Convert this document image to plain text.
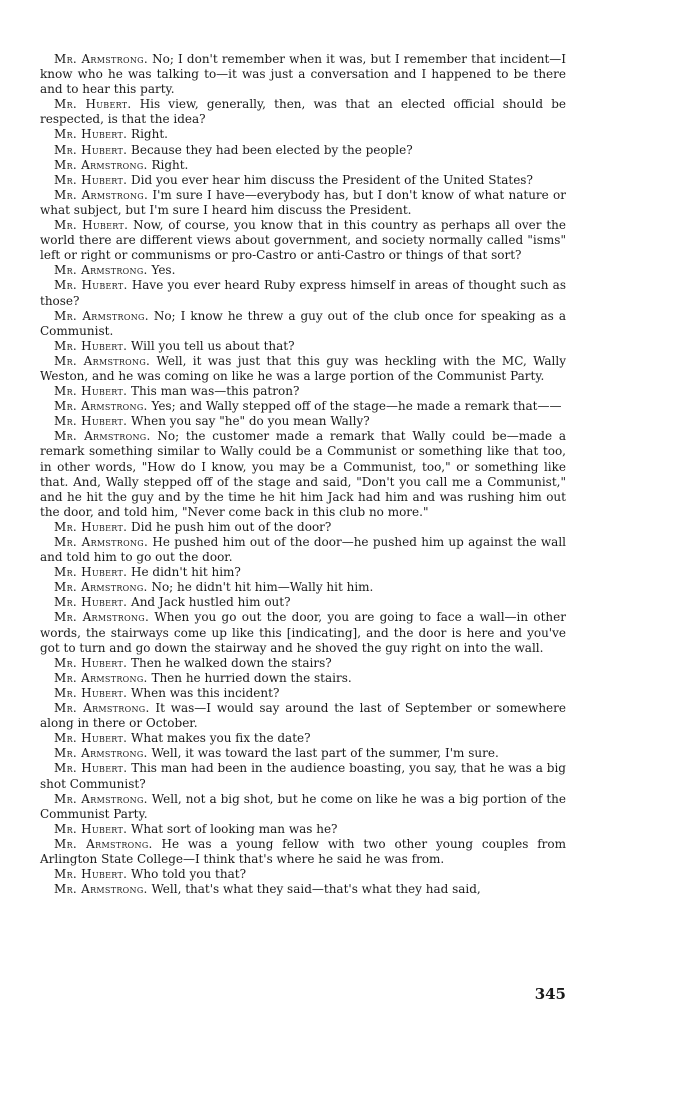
Mr. Armstrong. No; I don't remember when it was, but I remember that incident—I know who he was talking to—it was just a conversation and I happened to be there and to hear this party.

Mr. Hubert. His view, generally, then, was that an elected official should be respected, is that the idea?

Mr. Hubert. Right.

Mr. Hubert. Because they had been elected by the people?

Mr. Armstrong. Right.

Mr. Hubert. Did you ever hear him discuss the President of the United States?

Mr. Armstrong. I'm sure I have—everybody has, but I don't know of what nature or what subject, but I'm sure I heard him discuss the President.

Mr. Hubert. Now, of course, you know that in this country as perhaps all over the world there are different views about government, and society normally called "isms" left or right or communisms or pro-Castro or anti-Castro or things of that sort?

Mr. Armstrong. Yes.

Mr. Hubert. Have you ever heard Ruby express himself in areas of thought such as those?

Mr. Armstrong. No; I know he threw a guy out of the club once for speaking as a Communist.

Mr. Hubert. Will you tell us about that?

Mr. Armstrong. Well, it was just that this guy was heckling with the MC, Wally Weston, and he was coming on like he was a large portion of the Communist Party.

Mr. Hubert. This man was—this patron?

Mr. Armstrong. Yes; and Wally stepped off of the stage—he made a remark that——

Mr. Hubert. When you say "he" do you mean Wally?

Mr. Armstrong. No; the customer made a remark that Wally could be—made a remark something similar to Wally could be a Communist or something like that too, in other words, "How do I know, you may be a Communist, too," or something like that. And, Wally stepped off of the stage and said, "Don't you call me a Communist," and he hit the guy and by the time he hit him Jack had him and was rushing him out the door, and told him, "Never come back in this club no more."

Mr. Hubert. Did he push him out of the door?

Mr. Armstrong. He pushed him out of the door—he pushed him up against the wall and told him to go out the door.

Mr. Hubert. He didn't hit him?

Mr. Armstrong. No; he didn't hit him—Wally hit him.

Mr. Hubert. And Jack hustled him out?

Mr. Armstrong. When you go out the door, you are going to face a wall—in other words, the stairways come up like this [indicating], and the door is here and you've got to turn and go down the stairway and he shoved the guy right on into the wall.

Mr. Hubert. Then he walked down the stairs?

Mr. Armstrong. Then he hurried down the stairs.

Mr. Hubert. When was this incident?

Mr. Armstrong. It was—I would say around the last of September or somewhere along in there or October.

Mr. Hubert. What makes you fix the date?

Mr. Armstrong. Well, it was toward the last part of the summer, I'm sure.

Mr. Hubert. This man had been in the audience boasting, you say, that he was a big shot Communist?

Mr. Armstrong. Well, not a big shot, but he come on like he was a big portion of the Communist Party.

Mr. Hubert. What sort of looking man was he?

Mr. Armstrong. He was a young fellow with two other young couples from Arlington State College—I think that's where he said he was from.

Mr. Hubert. Who told you that?

Mr. Armstrong. Well, that's what they said—that's what they had said,

345
